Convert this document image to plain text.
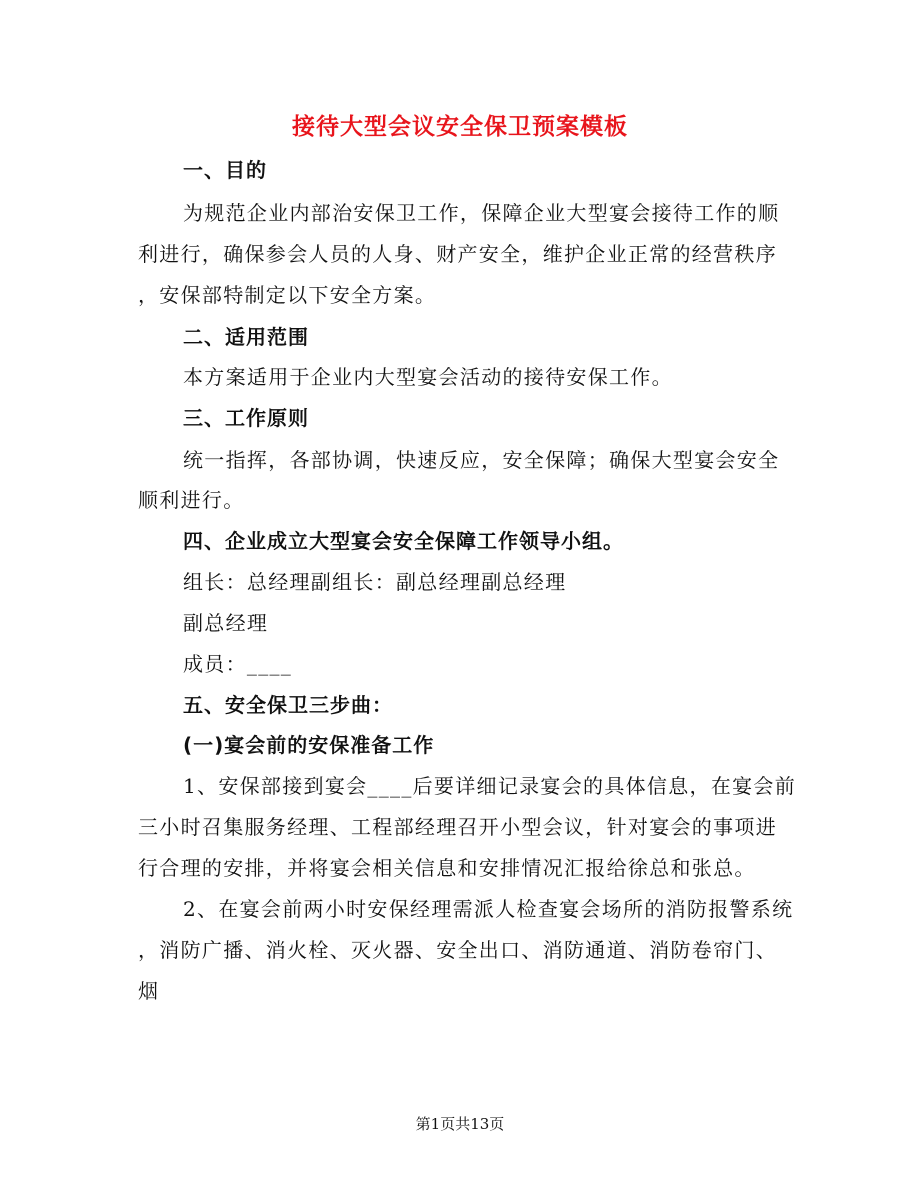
接待大型会议安全保卫预案模板
一、目的
为规范企业内部治安保卫工作，保障企业大型宴会接待工作的顺
利进行，确保参会人员的人身、财产安全，维护企业正常的经营秩序
，安保部特制定以下安全方案。
二、适用范围
本方案适用于企业内大型宴会活动的接待安保工作。
三、工作原则
统一指挥，各部协调，快速反应，安全保障；确保大型宴会安全
顺利进行。
四、企业成立大型宴会安全保障工作领导小组。
组长：总经理副组长：副总经理副总经理
副总经理
成员：____
五、安全保卫三步曲：
(一)宴会前的安保准备工作
1、安保部接到宴会____后要详细记录宴会的具体信息，在宴会前
三小时召集服务经理、工程部经理召开小型会议，针对宴会的事项进
行合理的安排，并将宴会相关信息和安排情况汇报给徐总和张总。
2、在宴会前两小时安保经理需派人检查宴会场所的消防报警系统
，消防广播、消火栓、灭火器、安全出口、消防通道、消防卷帘门、
烟
第1页共13页
